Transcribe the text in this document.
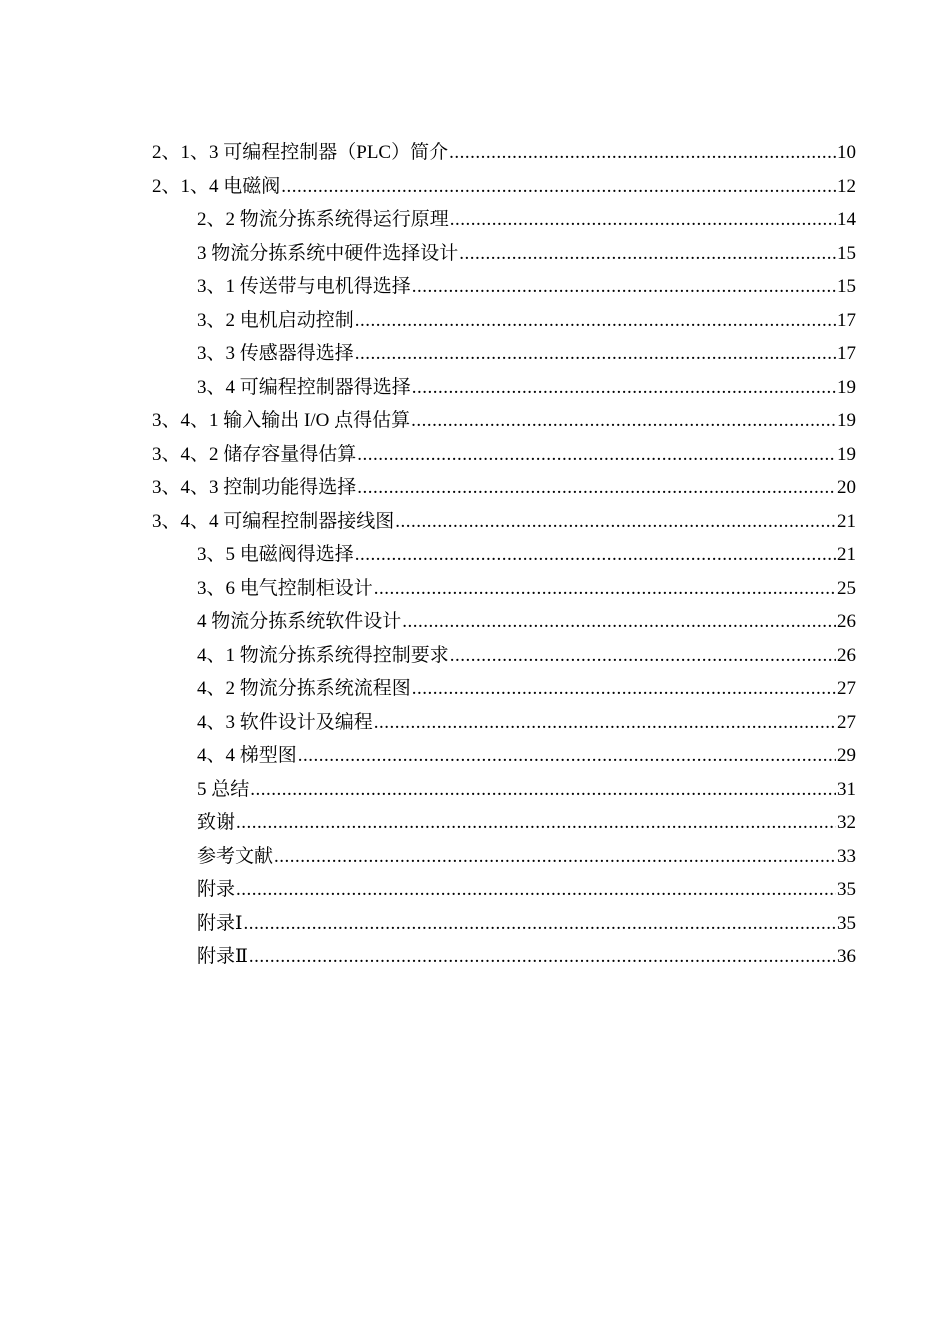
2、1、3 可编程控制器（PLC）简介 .....	10
2、1、4 电磁阀 .....	12
2、2 物流分拣系统得运行原理 .....	14
3 物流分拣系统中硬件选择设计 .....	15
3、1 传送带与电机得选择 .....	15
3、2 电机启动控制 .....	17
3、3 传感器得选择 .....	17
3、4 可编程控制器得选择 .....	19
3、4、1 输入输出 I/O 点得估算 .....	19
3、4、2 储存容量得估算 .....	19
3、4、3 控制功能得选择 .....	20
3、4、4 可编程控制器接线图 .....	21
3、5 电磁阀得选择 .....	21
3、6 电气控制柜设计 .....	25
4 物流分拣系统软件设计 .....	26
4、1 物流分拣系统得控制要求 .....	26
4、2 物流分拣系统流程图 .....	27
4、3 软件设计及编程 .....	27
4、4 梯型图 .....	29
5 总结 .....	31
致谢 .....	32
参考文献 .....	33
附录 .....	35
附录Ⅰ .....	35
附录Ⅱ .....	36
